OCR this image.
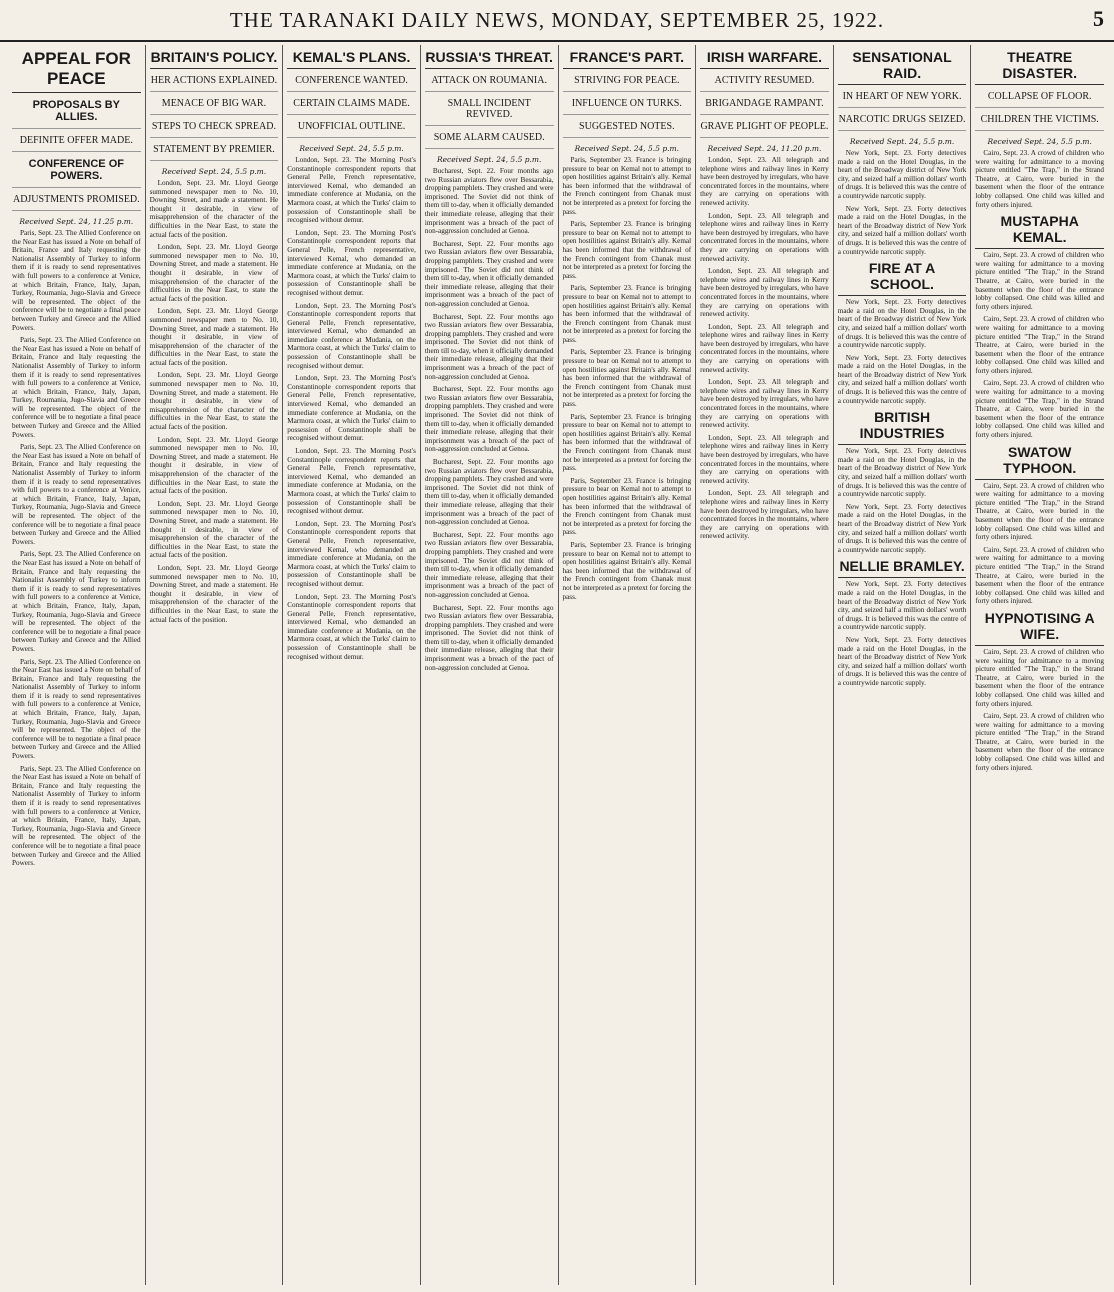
THE TARANAKI DAILY NEWS, MONDAY, SEPTEMBER 25, 1922.	5
APPEAL FOR PEACE
PROPOSALS BY ALLIES.
DEFINITE OFFER MADE.
CONFERENCE OF POWERS.
ADJUSTMENTS PROMISED.
Received Sept. 24, 11.25 p.m.

Paris, Sept. 23. The Allied Conference on the Near East has issued a Note on behalf of Britain, France and Italy requesting the Nationalist Assembly of Turkey to inform them if it is ready to send representatives with full powers to a conference at Venice, at which Britain, France, Italy, Japan, Turkey, Roumania, Jugo-Slavia and Greece will be represented. The object of the conference will be to negotiate a final peace between Turkey and Greece and the Allied Powers.

Paris, Sept. 23. The Allied Conference on the Near East has issued a Note on behalf of Britain, France and Italy requesting the Nationalist Assembly of Turkey to inform them if it is ready to send representatives with full powers to a conference at Venice, at which Britain, France, Italy, Japan, Turkey, Roumania, Jugo-Slavia and Greece will be represented. The object of the conference will be to negotiate a final peace between Turkey and Greece and the Allied Powers.

Paris, Sept. 23. The Allied Conference on the Near East has issued a Note on behalf of Britain, France and Italy requesting the Nationalist Assembly of Turkey to inform them if it is ready to send representatives with full powers to a conference at Venice, at which Britain, France, Italy, Japan, Turkey, Roumania, Jugo-Slavia and Greece will be represented. The object of the conference will be to negotiate a final peace between Turkey and Greece and the Allied Powers.

Paris, Sept. 23. The Allied Conference on the Near East has issued a Note on behalf of Britain, France and Italy requesting the Nationalist Assembly of Turkey to inform them if it is ready to send representatives with full powers to a conference at Venice, at which Britain, France, Italy, Japan, Turkey, Roumania, Jugo-Slavia and Greece will be represented. The object of the conference will be to negotiate a final peace between Turkey and Greece and the Allied Powers.

Paris, Sept. 23. The Allied Conference on the Near East has issued a Note on behalf of Britain, France and Italy requesting the Nationalist Assembly of Turkey to inform them if it is ready to send representatives with full powers to a conference at Venice, at which Britain, France, Italy, Japan, Turkey, Roumania, Jugo-Slavia and Greece will be represented. The object of the conference will be to negotiate a final peace between Turkey and Greece and the Allied Powers.

Paris, Sept. 23. The Allied Conference on the Near East has issued a Note on behalf of Britain, France and Italy requesting the Nationalist Assembly of Turkey to inform them if it is ready to send representatives with full powers to a conference at Venice, at which Britain, France, Italy, Japan, Turkey, Roumania, Jugo-Slavia and Greece will be represented. The object of the conference will be to negotiate a final peace between Turkey and Greece and the Allied Powers.

BRITAIN'S POLICY.
HER ACTIONS EXPLAINED.
MENACE OF BIG WAR.
STEPS TO CHECK SPREAD.
STATEMENT BY PREMIER.
Received Sept. 24, 5.5 p.m.

London, Sept. 23. Mr. Lloyd George summoned newspaper men to No. 10, Downing Street, and made a statement. He thought it desirable, in view of misapprehension of the character of the difficulties in the Near East, to state the actual facts of the position.

London, Sept. 23. Mr. Lloyd George summoned newspaper men to No. 10, Downing Street, and made a statement. He thought it desirable, in view of misapprehension of the character of the difficulties in the Near East, to state the actual facts of the position.

London, Sept. 23. Mr. Lloyd George summoned newspaper men to No. 10, Downing Street, and made a statement. He thought it desirable, in view of misapprehension of the character of the difficulties in the Near East, to state the actual facts of the position.

London, Sept. 23. Mr. Lloyd George summoned newspaper men to No. 10, Downing Street, and made a statement. He thought it desirable, in view of misapprehension of the character of the difficulties in the Near East, to state the actual facts of the position.

London, Sept. 23. Mr. Lloyd George summoned newspaper men to No. 10, Downing Street, and made a statement. He thought it desirable, in view of misapprehension of the character of the difficulties in the Near East, to state the actual facts of the position.

London, Sept. 23. Mr. Lloyd George summoned newspaper men to No. 10, Downing Street, and made a statement. He thought it desirable, in view of misapprehension of the character of the difficulties in the Near East, to state the actual facts of the position.

London, Sept. 23. Mr. Lloyd George summoned newspaper men to No. 10, Downing Street, and made a statement. He thought it desirable, in view of misapprehension of the character of the difficulties in the Near East, to state the actual facts of the position.

KEMAL'S PLANS.
CONFERENCE WANTED.
CERTAIN CLAIMS MADE.
UNOFFICIAL OUTLINE.
Received Sept. 24, 5.5 p.m.

London, Sept. 23. The Morning Post's Constantinople correspondent reports that General Pelle, French representative, interviewed Kemal, who demanded an immediate conference at Mudania, on the Marmora coast, at which the Turks' claim to possession of Constantinople shall be recognised without demur.

London, Sept. 23. The Morning Post's Constantinople correspondent reports that General Pelle, French representative, interviewed Kemal, who demanded an immediate conference at Mudania, on the Marmora coast, at which the Turks' claim to possession of Constantinople shall be recognised without demur.

London, Sept. 23. The Morning Post's Constantinople correspondent reports that General Pelle, French representative, interviewed Kemal, who demanded an immediate conference at Mudania, on the Marmora coast, at which the Turks' claim to possession of Constantinople shall be recognised without demur.

London, Sept. 23. The Morning Post's Constantinople correspondent reports that General Pelle, French representative, interviewed Kemal, who demanded an immediate conference at Mudania, on the Marmora coast, at which the Turks' claim to possession of Constantinople shall be recognised without demur.

London, Sept. 23. The Morning Post's Constantinople correspondent reports that General Pelle, French representative, interviewed Kemal, who demanded an immediate conference at Mudania, on the Marmora coast, at which the Turks' claim to possession of Constantinople shall be recognised without demur.

London, Sept. 23. The Morning Post's Constantinople correspondent reports that General Pelle, French representative, interviewed Kemal, who demanded an immediate conference at Mudania, on the Marmora coast, at which the Turks' claim to possession of Constantinople shall be recognised without demur.

London, Sept. 23. The Morning Post's Constantinople correspondent reports that General Pelle, French representative, interviewed Kemal, who demanded an immediate conference at Mudania, on the Marmora coast, at which the Turks' claim to possession of Constantinople shall be recognised without demur.

RUSSIA'S THREAT.
ATTACK ON ROUMANIA.
SMALL INCIDENT REVIVED.
SOME ALARM CAUSED.
Received Sept. 24, 5.5 p.m.

Bucharest, Sept. 22. Four months ago two Russian aviators flew over Bessarabia, dropping pamphlets. They crashed and were imprisoned. The Soviet did not think of them till to-day, when it officially demanded their immediate release, alleging that their imprisonment was a breach of the pact of non-aggression concluded at Genoa.

Bucharest, Sept. 22. Four months ago two Russian aviators flew over Bessarabia, dropping pamphlets. They crashed and were imprisoned. The Soviet did not think of them till to-day, when it officially demanded their immediate release, alleging that their imprisonment was a breach of the pact of non-aggression concluded at Genoa.

Bucharest, Sept. 22. Four months ago two Russian aviators flew over Bessarabia, dropping pamphlets. They crashed and were imprisoned. The Soviet did not think of them till to-day, when it officially demanded their immediate release, alleging that their imprisonment was a breach of the pact of non-aggression concluded at Genoa.

Bucharest, Sept. 22. Four months ago two Russian aviators flew over Bessarabia, dropping pamphlets. They crashed and were imprisoned. The Soviet did not think of them till to-day, when it officially demanded their immediate release, alleging that their imprisonment was a breach of the pact of non-aggression concluded at Genoa.

Bucharest, Sept. 22. Four months ago two Russian aviators flew over Bessarabia, dropping pamphlets. They crashed and were imprisoned. The Soviet did not think of them till to-day, when it officially demanded their immediate release, alleging that their imprisonment was a breach of the pact of non-aggression concluded at Genoa.

Bucharest, Sept. 22. Four months ago two Russian aviators flew over Bessarabia, dropping pamphlets. They crashed and were imprisoned. The Soviet did not think of them till to-day, when it officially demanded their immediate release, alleging that their imprisonment was a breach of the pact of non-aggression concluded at Genoa.

Bucharest, Sept. 22. Four months ago two Russian aviators flew over Bessarabia, dropping pamphlets. They crashed and were imprisoned. The Soviet did not think of them till to-day, when it officially demanded their immediate release, alleging that their imprisonment was a breach of the pact of non-aggression concluded at Genoa.

FRANCE'S PART.
STRIVING FOR PEACE.
INFLUENCE ON TURKS.
SUGGESTED NOTES.
Received Sept. 24, 5.5 p.m.

Paris, September 23. France is bringing pressure to bear on Kemal not to attempt to open hostilities against Britain's ally. Kemal has been informed that the withdrawal of the French contingent from Chanak must not be interpreted as a pretext for forcing the pass.

Paris, September 23. France is bringing pressure to bear on Kemal not to attempt to open hostilities against Britain's ally. Kemal has been informed that the withdrawal of the French contingent from Chanak must not be interpreted as a pretext for forcing the pass.

Paris, September 23. France is bringing pressure to bear on Kemal not to attempt to open hostilities against Britain's ally. Kemal has been informed that the withdrawal of the French contingent from Chanak must not be interpreted as a pretext for forcing the pass.

Paris, September 23. France is bringing pressure to bear on Kemal not to attempt to open hostilities against Britain's ally. Kemal has been informed that the withdrawal of the French contingent from Chanak must not be interpreted as a pretext for forcing the pass.

Paris, September 23. France is bringing pressure to bear on Kemal not to attempt to open hostilities against Britain's ally. Kemal has been informed that the withdrawal of the French contingent from Chanak must not be interpreted as a pretext for forcing the pass.

Paris, September 23. France is bringing pressure to bear on Kemal not to attempt to open hostilities against Britain's ally. Kemal has been informed that the withdrawal of the French contingent from Chanak must not be interpreted as a pretext for forcing the pass.

Paris, September 23. France is bringing pressure to bear on Kemal not to attempt to open hostilities against Britain's ally. Kemal has been informed that the withdrawal of the French contingent from Chanak must not be interpreted as a pretext for forcing the pass.

IRISH WARFARE.
ACTIVITY RESUMED.
BRIGANDAGE RAMPANT.
GRAVE PLIGHT OF PEOPLE.
Received Sept. 24, 11.20 p.m.

London, Sept. 23. All telegraph and telephone wires and railway lines in Kerry have been destroyed by irregulars, who have concentrated forces in the mountains, where they are carrying on operations with renewed activity.

London, Sept. 23. All telegraph and telephone wires and railway lines in Kerry have been destroyed by irregulars, who have concentrated forces in the mountains, where they are carrying on operations with renewed activity.

London, Sept. 23. All telegraph and telephone wires and railway lines in Kerry have been destroyed by irregulars, who have concentrated forces in the mountains, where they are carrying on operations with renewed activity.

London, Sept. 23. All telegraph and telephone wires and railway lines in Kerry have been destroyed by irregulars, who have concentrated forces in the mountains, where they are carrying on operations with renewed activity.

London, Sept. 23. All telegraph and telephone wires and railway lines in Kerry have been destroyed by irregulars, who have concentrated forces in the mountains, where they are carrying on operations with renewed activity.

London, Sept. 23. All telegraph and telephone wires and railway lines in Kerry have been destroyed by irregulars, who have concentrated forces in the mountains, where they are carrying on operations with renewed activity.

London, Sept. 23. All telegraph and telephone wires and railway lines in Kerry have been destroyed by irregulars, who have concentrated forces in the mountains, where they are carrying on operations with renewed activity.

SENSATIONAL RAID.
IN HEART OF NEW YORK.
NARCOTIC DRUGS SEIZED.
Received Sept. 24, 5.5 p.m.

New York, Sept. 23. Forty detectives made a raid on the Hotel Douglas, in the heart of the Broadway district of New York city, and seized half a million dollars' worth of drugs. It is believed this was the centre of a countrywide narcotic supply.

New York, Sept. 23. Forty detectives made a raid on the Hotel Douglas, in the heart of the Broadway district of New York city, and seized half a million dollars' worth of drugs. It is believed this was the centre of a countrywide narcotic supply.

FIRE AT A SCHOOL.

New York, Sept. 23. Forty detectives made a raid on the Hotel Douglas, in the heart of the Broadway district of New York city, and seized half a million dollars' worth of drugs. It is believed this was the centre of a countrywide narcotic supply.

New York, Sept. 23. Forty detectives made a raid on the Hotel Douglas, in the heart of the Broadway district of New York city, and seized half a million dollars' worth of drugs. It is believed this was the centre of a countrywide narcotic supply.

BRITISH INDUSTRIES

New York, Sept. 23. Forty detectives made a raid on the Hotel Douglas, in the heart of the Broadway district of New York city, and seized half a million dollars' worth of drugs. It is believed this was the centre of a countrywide narcotic supply.

New York, Sept. 23. Forty detectives made a raid on the Hotel Douglas, in the heart of the Broadway district of New York city, and seized half a million dollars' worth of drugs. It is believed this was the centre of a countrywide narcotic supply.

NELLIE BRAMLEY.

New York, Sept. 23. Forty detectives made a raid on the Hotel Douglas, in the heart of the Broadway district of New York city, and seized half a million dollars' worth of drugs. It is believed this was the centre of a countrywide narcotic supply.

New York, Sept. 23. Forty detectives made a raid on the Hotel Douglas, in the heart of the Broadway district of New York city, and seized half a million dollars' worth of drugs. It is believed this was the centre of a countrywide narcotic supply.

THEATRE DISASTER.
COLLAPSE OF FLOOR.
CHILDREN THE VICTIMS.
Received Sept. 24, 5.5 p.m.

Cairo, Sept. 23. A crowd of children who were waiting for admittance to a moving picture entitled "The Trap," in the Strand Theatre, at Cairo, were buried in the basement when the floor of the entrance lobby collapsed. One child was killed and forty others injured.

MUSTAPHA KEMAL.

Cairo, Sept. 23. A crowd of children who were waiting for admittance to a moving picture entitled "The Trap," in the Strand Theatre, at Cairo, were buried in the basement when the floor of the entrance lobby collapsed. One child was killed and forty others injured.

Cairo, Sept. 23. A crowd of children who were waiting for admittance to a moving picture entitled "The Trap," in the Strand Theatre, at Cairo, were buried in the basement when the floor of the entrance lobby collapsed. One child was killed and forty others injured.

Cairo, Sept. 23. A crowd of children who were waiting for admittance to a moving picture entitled "The Trap," in the Strand Theatre, at Cairo, were buried in the basement when the floor of the entrance lobby collapsed. One child was killed and forty others injured.

SWATOW TYPHOON.

Cairo, Sept. 23. A crowd of children who were waiting for admittance to a moving picture entitled "The Trap," in the Strand Theatre, at Cairo, were buried in the basement when the floor of the entrance lobby collapsed. One child was killed and forty others injured.

Cairo, Sept. 23. A crowd of children who were waiting for admittance to a moving picture entitled "The Trap," in the Strand Theatre, at Cairo, were buried in the basement when the floor of the entrance lobby collapsed. One child was killed and forty others injured.

HYPNOTISING A WIFE.

Cairo, Sept. 23. A crowd of children who were waiting for admittance to a moving picture entitled "The Trap," in the Strand Theatre, at Cairo, were buried in the basement when the floor of the entrance lobby collapsed. One child was killed and forty others injured.

Cairo, Sept. 23. A crowd of children who were waiting for admittance to a moving picture entitled "The Trap," in the Strand Theatre, at Cairo, were buried in the basement when the floor of the entrance lobby collapsed. One child was killed and forty others injured.
